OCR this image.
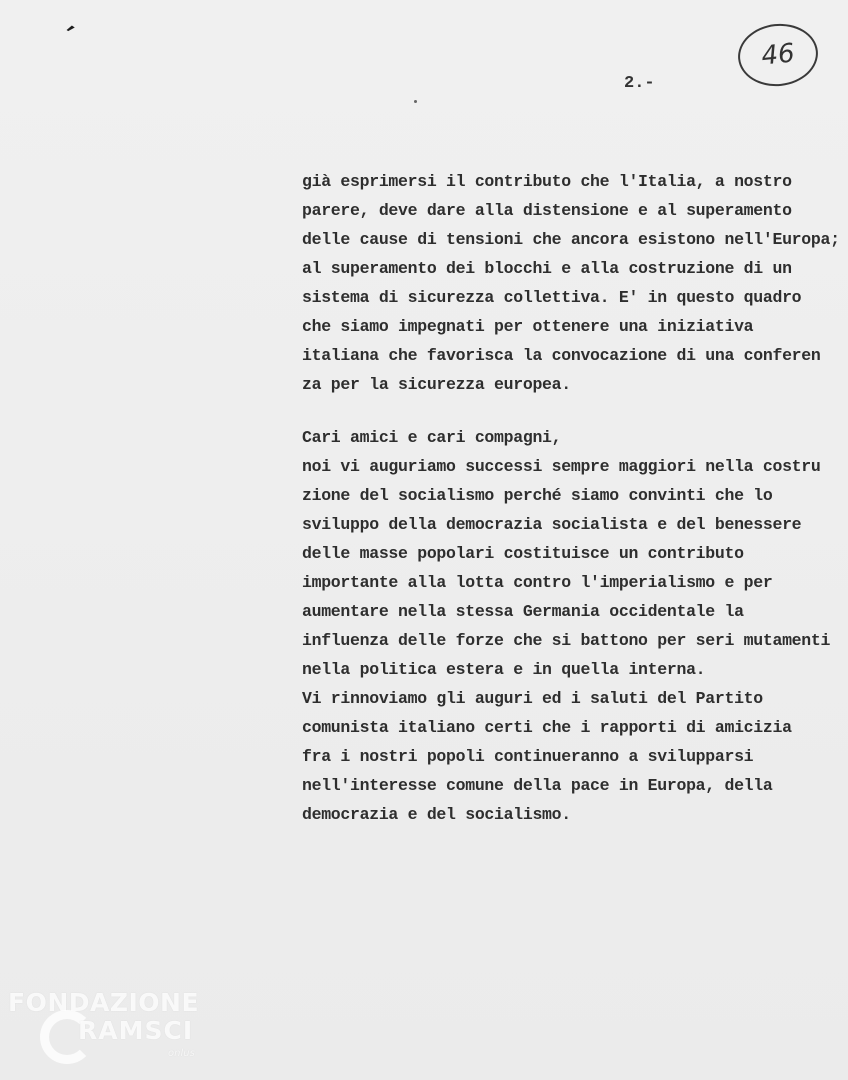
’
46
2.-
già esprimersi il contributo che l'Italia, a nostro
parere, deve dare alla distensione e al superamento
delle cause di tensioni che ancora esistono nell'Europa;
al superamento dei blocchi e alla costruzione di un
sistema di sicurezza collettiva. E' in questo quadro
che siamo impegnati per ottenere una iniziativa
italiana che favorisca la convocazione di una conferen
za per la sicurezza europea.
Cari amici e cari compagni,
noi vi auguriamo successi sempre maggiori nella costru
zione del socialismo perché siamo convinti che lo
sviluppo della democrazia socialista e del benessere
delle masse popolari costituisce un contributo
importante alla lotta contro l'imperialismo e per
aumentare nella stessa Germania occidentale la
influenza delle forze che si battono per seri mutamenti
nella politica estera e in quella interna.
Vi rinnoviamo gli auguri ed i saluti del Partito
comunista italiano certi che i rapporti di amicizia
fra i nostri popoli continueranno a svilupparsi
nell'interesse comune della pace in Europa, della
democrazia e del socialismo.
FONDAZIONE
RAMSCI
onlus
